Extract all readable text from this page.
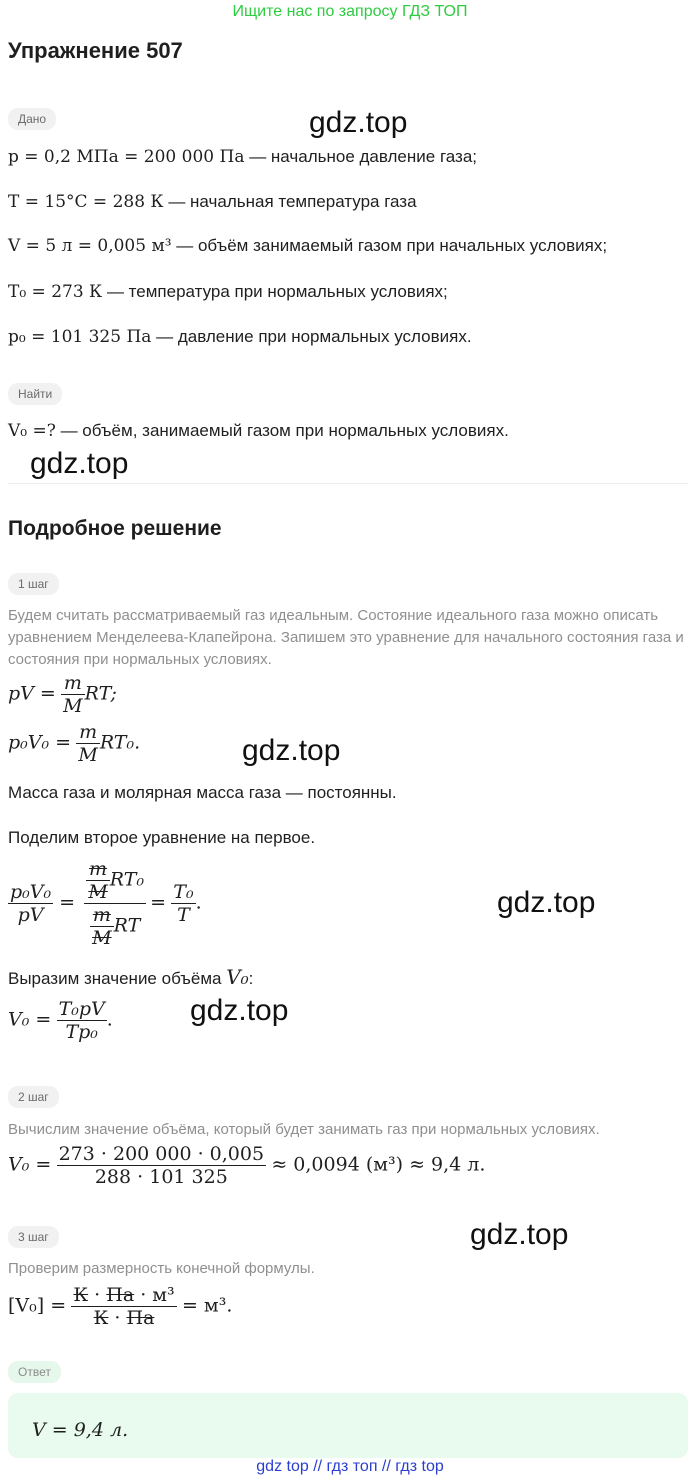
Ищите нас по запросу ГДЗ ТОП
Упражнение 507
Дано	gdz.top
p = 0,2 МПа = 200 000 Па — начальное давление газа;
T = 15°C = 288 К — начальная температура газа
V = 5 л = 0,005 м³ — объём занимаемый газом при начальных условиях;
T₀ = 273 К — температура при нормальных условиях;
p₀ = 101 325 Па — давление при нормальных условиях.
Найти
V₀ =? — объём, занимаемый газом при нормальных условиях.
gdz.top
Подробное решение
1 шаг
Будем считать рассматриваемый газ идеальным. Состояние идеального газа можно описать уравнением Менделеева-Клапейрона. Запишем это уравнение для начального состояния газа и состояния при нормальных условиях.
pV = $\frac{m}{M}$ RT;
$p_0V_0 = \frac{m}{M} RT_0$.	gdz.top
Масса газа и молярная масса газа — постоянны.
Поделим второе уравнение на первое.
$\frac{\text{p₀V₀}}{pV} = \frac{\frac{m}{M} RT_0}{\frac{m}{M} RT} = \frac{\text{T₀}}{T}$ .	gdz.top
Выразим значение объёма V₀:
$V_0 = \frac{\text{T₀pV}}{\text{Tp₀}}$ .	gdz.top
2 шаг
Вычислим значение объёма, который будет занимать газ при нормальных условиях.
$V_0 = \frac{273 \cdot 200 000 \cdot 0,005}{288 \cdot 101 325} \approx 0,0094$ (м³) ≈ 9,4 л.
3 шаг	gdz.top
Проверим размерность конечной формулы.
$[V_0] = \frac{\text{К · Па · м³}}{К \cdot Па} = м^3$.
Ответ
V = 9,4 л.
gdz top // гдз топ // гдз top
